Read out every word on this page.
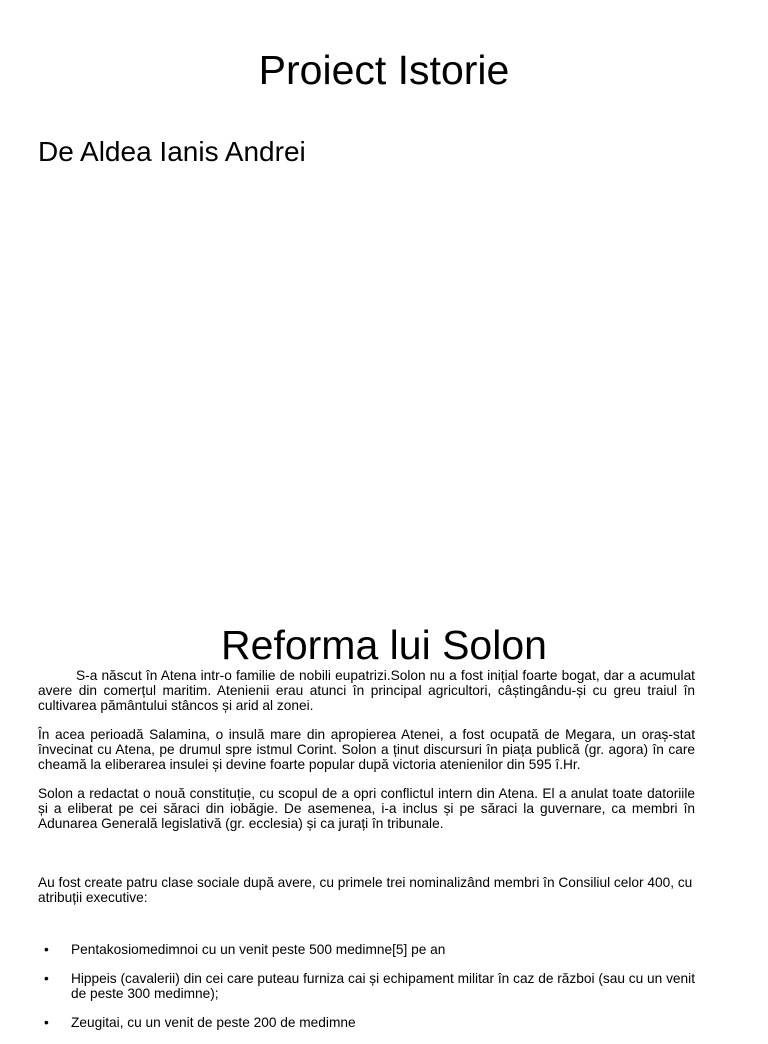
Proiect Istorie
De Aldea Ianis Andrei
Reforma lui Solon

S-a născut în Atena intr-o familie de nobili eupatrizi.Solon nu a fost inițial foarte bogat, dar a acumulat avere din comerțul maritim. Atenienii erau atunci în principal agricultori, câștingându-și cu greu traiul în cultivarea pământului stâncos și arid al zonei.

În acea perioadă Salamina, o insulă mare din apropierea Atenei, a fost ocupată de Megara, un oraș-stat învecinat cu Atena, pe drumul spre istmul Corint. Solon a ținut discursuri în piața publică (gr. agora) în care cheamă la eliberarea insulei și devine foarte popular după victoria atenienilor din 595 î.Hr.

Solon a redactat o nouă constituție, cu scopul de a opri conflictul intern din Atena. El a anulat toate datoriile și a eliberat pe cei săraci din iobăgie. De asemenea, i-a inclus și pe săraci la guvernare, ca membri în Adunarea Generală legislativă (gr. ecclesia) și ca jurați în tribunale.

Au fost create patru clase sociale după avere, cu primele trei nominalizând membri în Consiliul celor 400, cu atribuții executive:

• Pentakosiomedimnoi cu un venit peste 500 medimne[5] pe an
• Hippeis (cavalerii) din cei care puteau furniza cai și echipament militar în caz de război (sau cu un venit de peste 300 medimne);
• Zeugitai, cu un venit de peste 200 de medimne
